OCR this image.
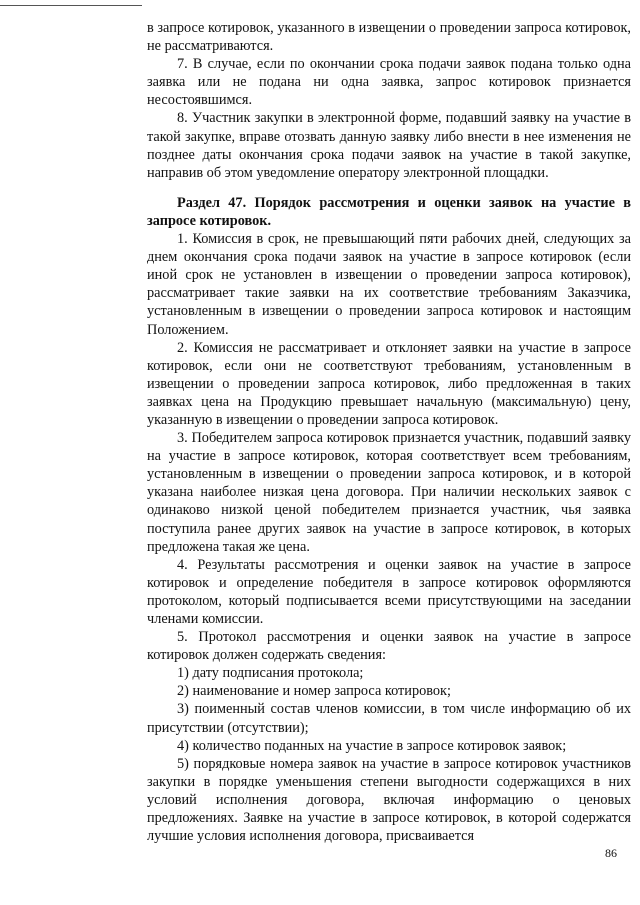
в запросе котировок, указанного в извещении о проведении запроса котировок, не рассматриваются.

7. В случае, если по окончании срока подачи заявок подана только одна заявка или не подана ни одна заявка, запрос котировок признается несостоявшимся.

8. Участник закупки в электронной форме, подавший заявку на участие в такой закупке, вправе отозвать данную заявку либо внести в нее изменения не позднее даты окончания срока подачи заявок на участие в такой закупке, направив об этом уведомление оператору электронной площадки.

Раздел 47. Порядок рассмотрения и оценки заявок на участие в запросе котировок.

1. Комиссия в срок, не превышающий пяти рабочих дней, следующих за днем окончания срока подачи заявок на участие в запросе котировок (если иной срок не установлен в извещении о проведении запроса котировок), рассматривает такие заявки на их соответствие требованиям Заказчика, установленным в извещении о проведении запроса котировок и настоящим Положением.

2. Комиссия не рассматривает и отклоняет заявки на участие в запросе котировок, если они не соответствуют требованиям, установленным в извещении о проведении запроса котировок, либо предложенная в таких заявках цена на Продукцию превышает начальную (максимальную) цену, указанную в извещении о проведении запроса котировок.

3. Победителем запроса котировок признается участник, подавший заявку на участие в запросе котировок, которая соответствует всем требованиям, установленным в извещении о проведении запроса котировок, и в которой указана наиболее низкая цена договора. При наличии нескольких заявок с одинаково низкой ценой победителем признается участник, чья заявка поступила ранее других заявок на участие в запросе котировок, в которых предложена такая же цена.

4. Результаты рассмотрения и оценки заявок на участие в запросе котировок и определение победителя в запросе котировок оформляются протоколом, который подписывается всеми присутствующими на заседании членами комиссии.

5. Протокол рассмотрения и оценки заявок на участие в запросе котировок должен содержать сведения:

1) дату подписания протокола;

2) наименование и номер запроса котировок;

3) поименный состав членов комиссии, в том числе информацию об их присутствии (отсутствии);

4) количество поданных на участие в запросе котировок заявок;

5) порядковые номера заявок на участие в запросе котировок участников закупки в порядке уменьшения степени выгодности содержащихся в них условий исполнения договора, включая информацию о ценовых предложениях. Заявке на участие в запросе котировок, в которой содержатся лучшие условия исполнения договора, присваивается

86
